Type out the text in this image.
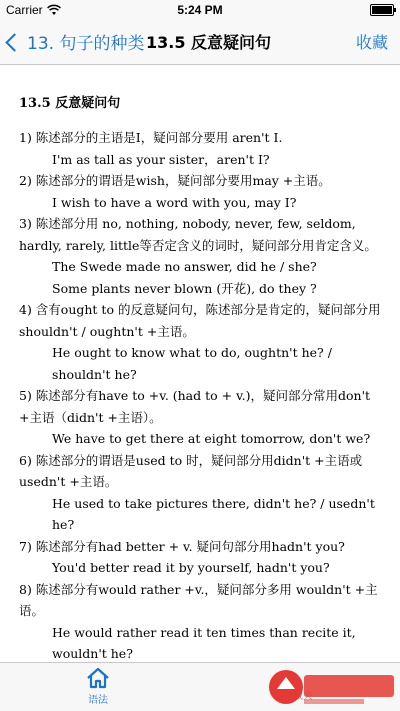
Carrier	5:24 PM
13. 句子的种类 13.5 反意疑问句	收藏
13.5 反意疑问句

1) 陈述部分的主语是I，疑问部分要用 aren't I.

I'm as tall as your sister，aren't I?

2) 陈述部分的谓语是wish，疑问部分要用may +主语。

I wish to have a word with you, may I?

3) 陈述部分用 no, nothing, nobody, never, few, seldom, hardly, rarely, little等否定含义的词时，疑问部分用肯定含义。

The Swede made no answer, did he / she?

Some plants never blown (开花), do they ?

4) 含有ought to 的反意疑问句，陈述部分是肯定的，疑问部分用shouldn't / oughtn't +主语。

He ought to know what to do, oughtn't he? / shouldn't he?

5) 陈述部分有have to +v. (had to + v.)，疑问部分常用don't +主语（didn't +主语）。

We have to get there at eight tomorrow, don't we?

6) 陈述部分的谓语是used to 时，疑问部分用didn't +主语或 usedn't +主语。

He used to take pictures there, didn't he? / usedn't he?

7) 陈述部分有had better + v. 疑问句部分用hadn't you?

You'd better read it by yourself, hadn't you?

8) 陈述部分有would rather +v.，疑问部分多用 wouldn't +主语。

He would rather read it ten times than recite it, wouldn't he?

语法
